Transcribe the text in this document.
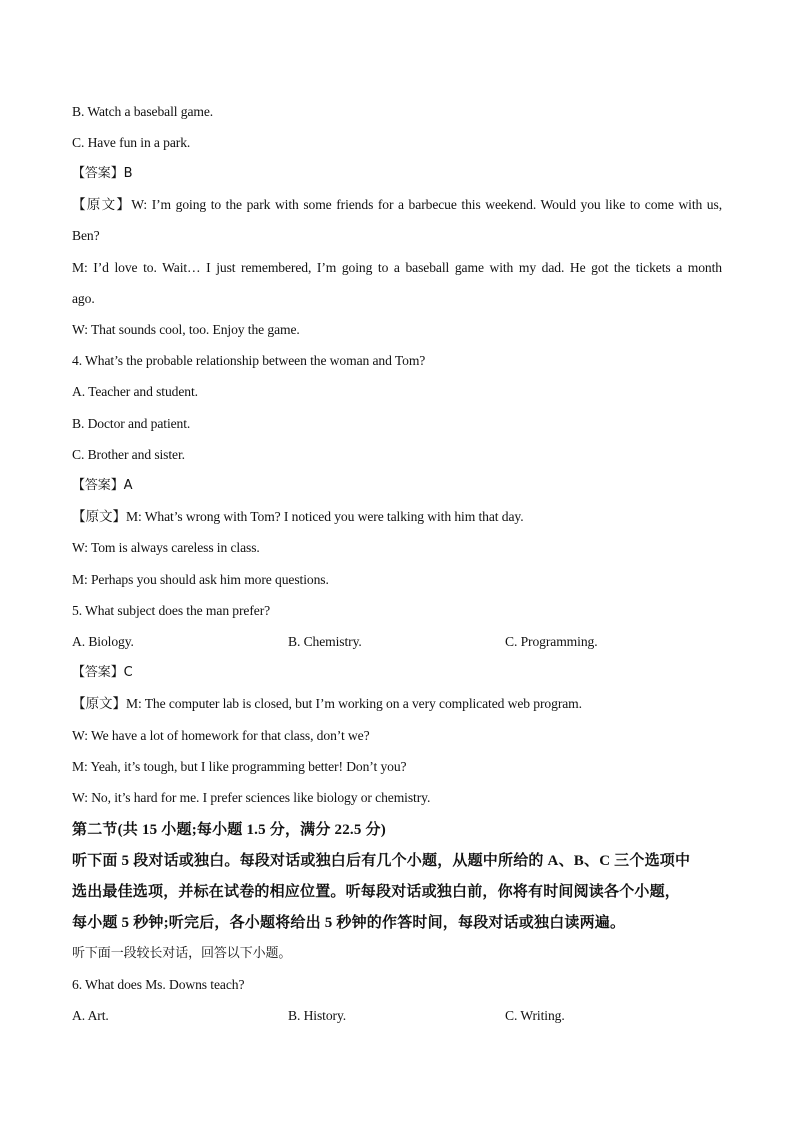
B. Watch a baseball game.
C. Have fun in a park.
【答案】B
【原文】W: I’m going to the park with some friends for a barbecue this weekend. Would you like to come with us,
Ben?
M: I’d love to. Wait… I just remembered, I’m going to a baseball game with my dad. He got the tickets a month
ago.
W: That sounds cool, too. Enjoy the game.
4. What’s the probable relationship between the woman and Tom?
A. Teacher and student.
B. Doctor and patient.
C. Brother and sister.
【答案】A
【原文】M: What’s wrong with Tom? I noticed you were talking with him that day.
W: Tom is always careless in class.
M: Perhaps you should ask him more questions.
5. What subject does the man prefer?
A. Biology.	B. Chemistry.	C. Programming.
【答案】C
【原文】M: The computer lab is closed, but I’m working on a very complicated web program.
W: We have a lot of homework for that class, don’t we?
M: Yeah, it’s tough, but I like programming better! Don’t you?
W: No, it’s hard for me. I prefer sciences like biology or chemistry.
第二节(共 15 小题;每小题 1.5 分，满分 22.5 分)
听下面 5 段对话或独白。每段对话或独白后有几个小题，从题中所给的 A、B、C 三个选项中
选出最佳选项，并标在试卷的相应位置。听每段对话或独白前，你将有时间阅读各个小题，
每小题 5 秒钟;听完后，各小题将给出 5 秒钟的作答时间，每段对话或独白读两遍。
听下面一段较长对话，回答以下小题。
6. What does Ms. Downs teach?
A. Art.	B. History.	C. Writing.
